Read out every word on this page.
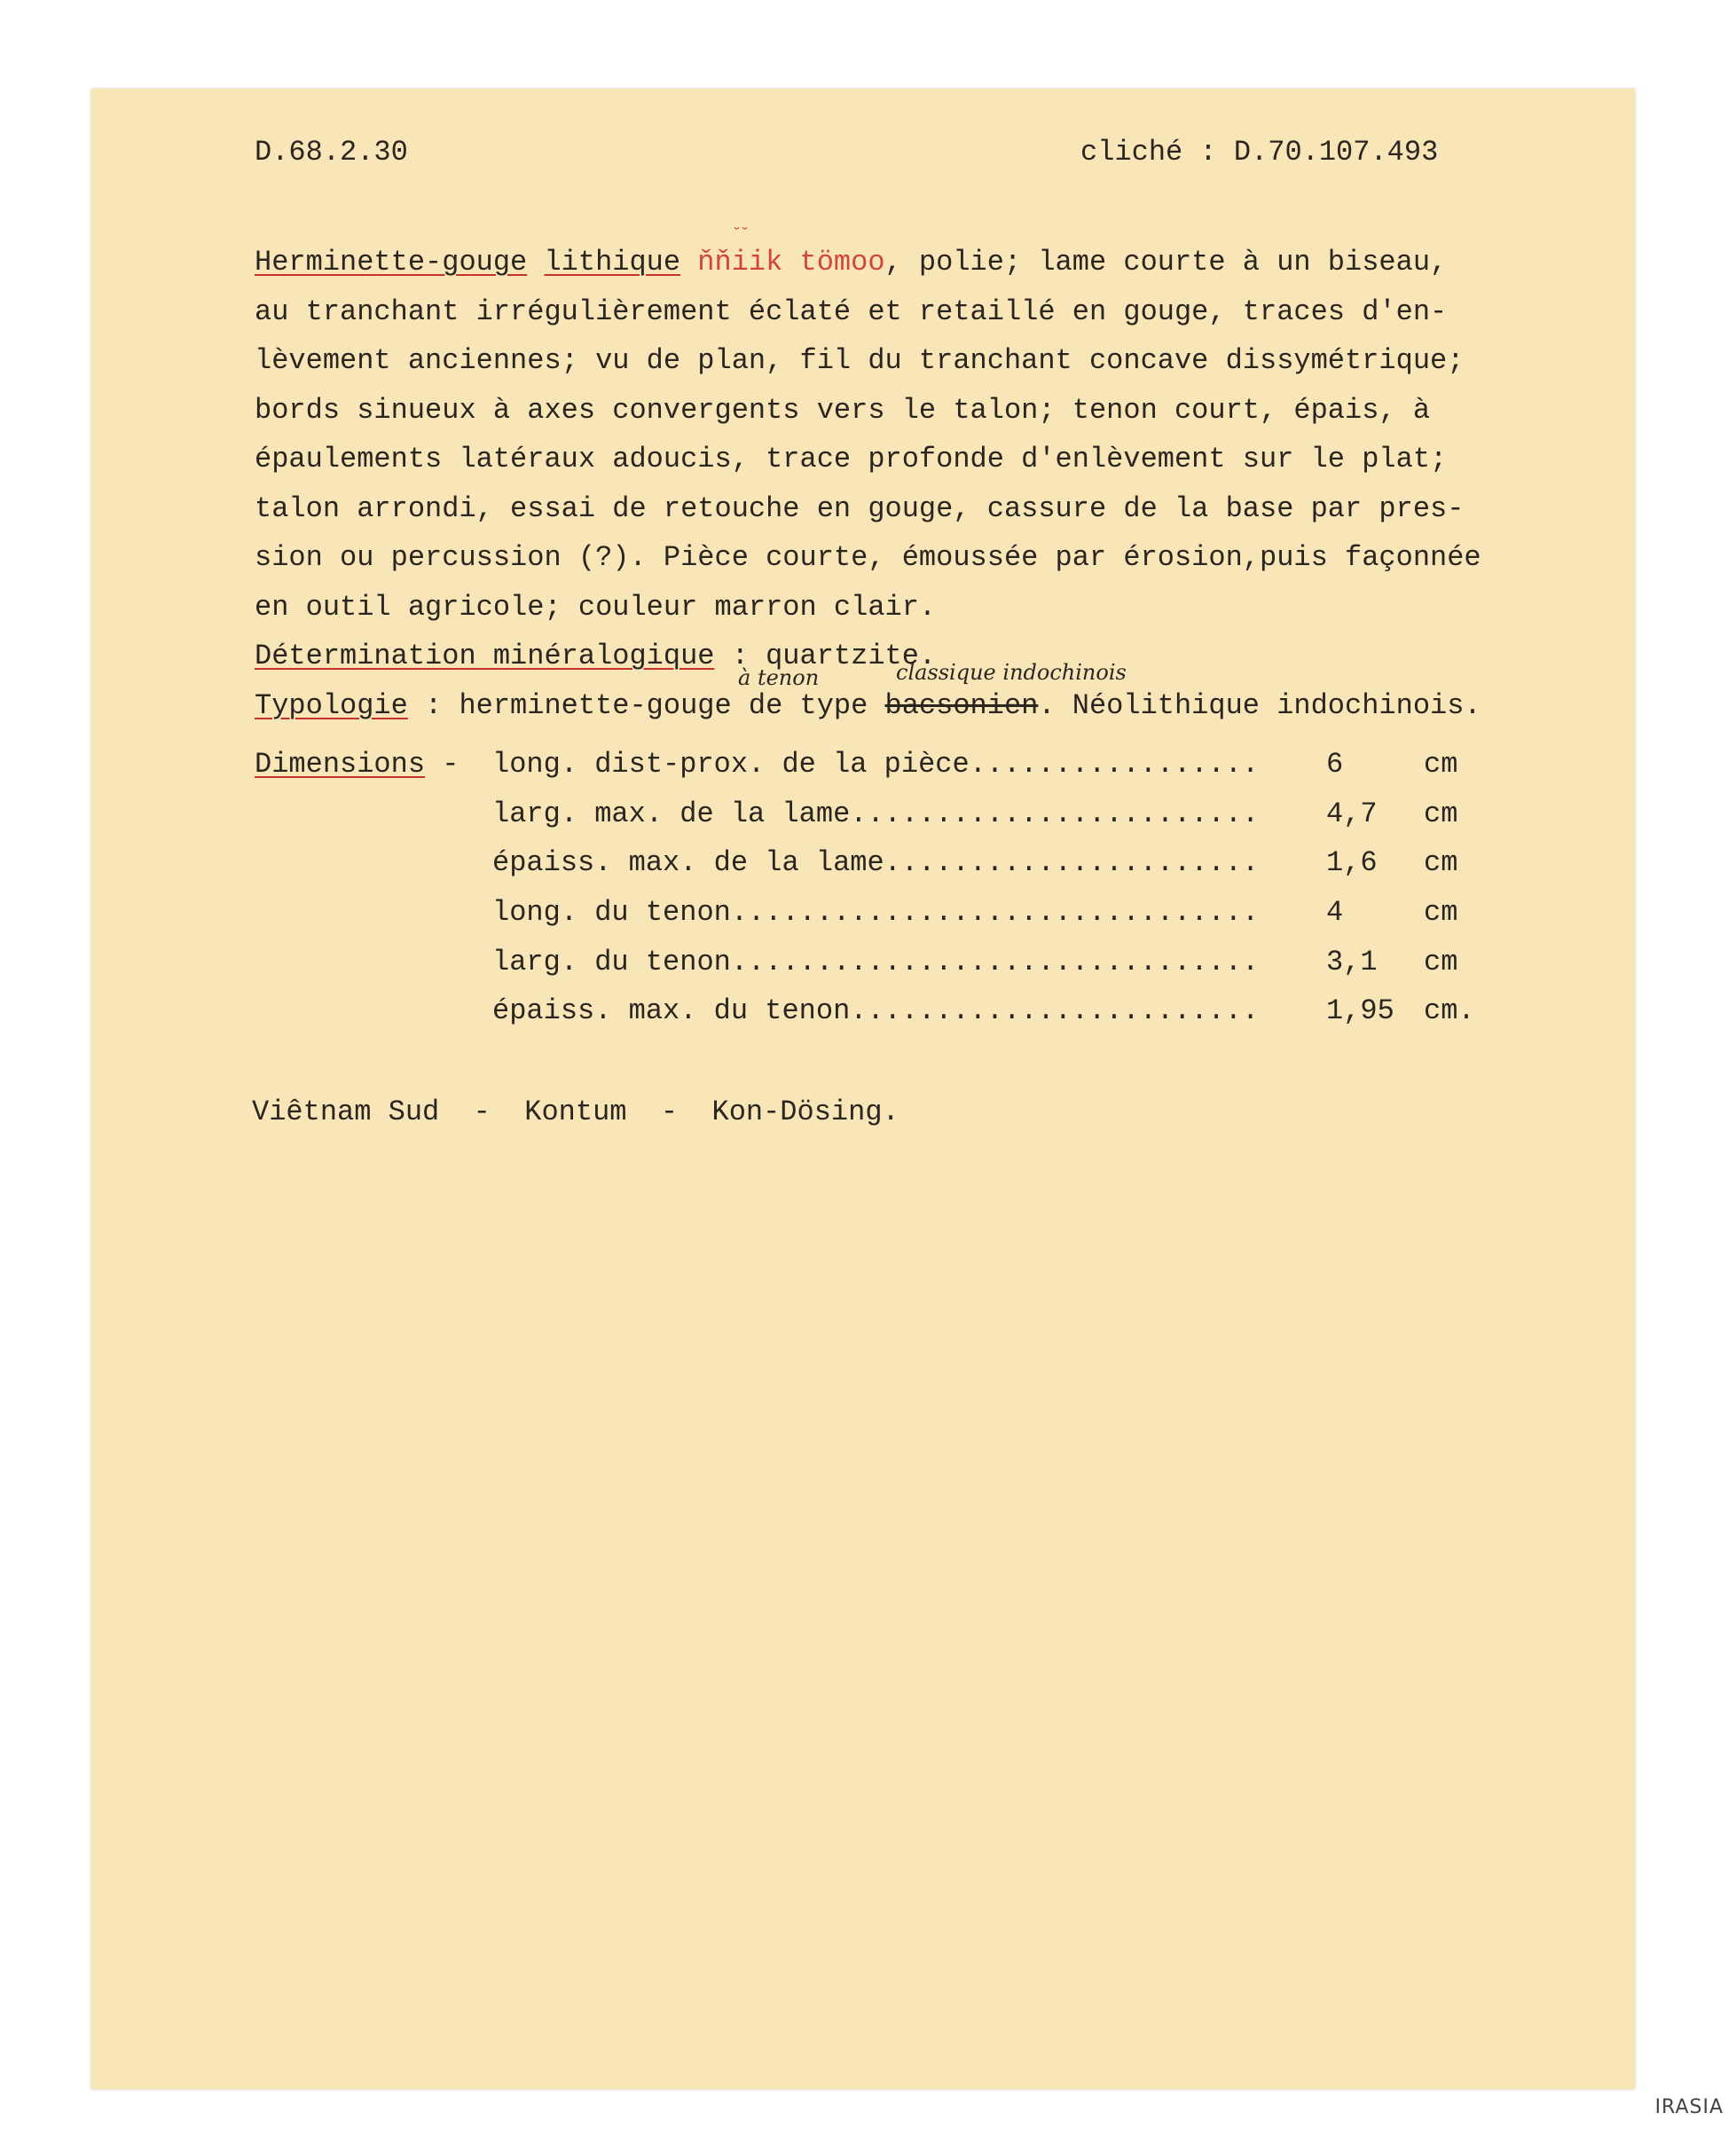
D.68.2.30	cliché : D.70.107.493
˘˘
Herminette-gouge lithique ňňiik tömoo, polie; lame courte à un biseau,
au tranchant irrégulièrement éclaté et retaillé en gouge, traces d'en-
lèvement anciennes; vu de plan, fil du tranchant concave dissymétrique;
bords sinueux à axes convergents vers le talon; tenon court, épais, à
épaulements latéraux adoucis, trace profonde d'enlèvement sur le plat;
talon arrondi, essai de retouche en gouge, cassure de la base par pres-
sion ou percussion (?). Pièce courte, émoussée par érosion,puis façonnée
en outil agricole; couleur marron clair.
Détermination minéralogique : quartzite.
Typologie : herminette-gouge de type bacsonien. Néolithique indochinois.
à tenon	classique indochinois
Dimensions - long. dist-prox. de la pièce................. 6	cm
larg. max. de la lame........................ 4,7 cm
épaiss. max. de la lame...................... 1,6 cm
long. du tenon............................... 4	cm
larg. du tenon............................... 3,1 cm
épaiss. max. du tenon........................ 1,95 cm.
Viêtnam Sud  -  Kontum  -  Kon-Dösing.
IRASIA
